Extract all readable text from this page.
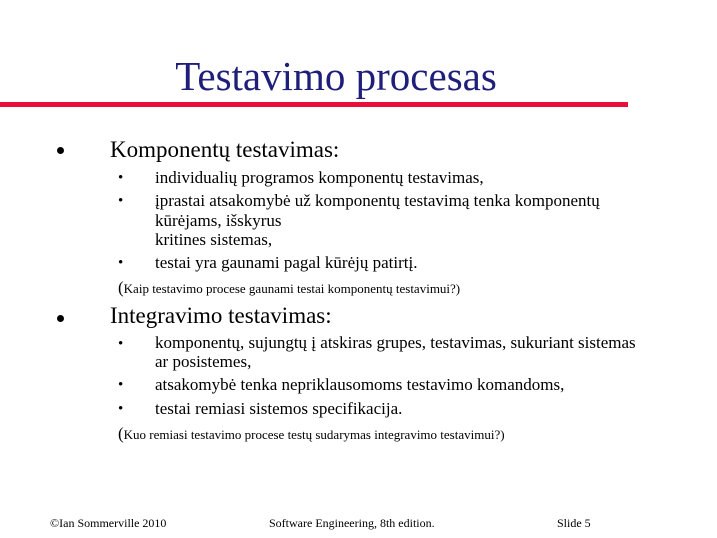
Testavimo procesas
Komponentų testavimas:
• individualių programos komponentų testavimas,
• įprastai atsakomybė už komponentų testavimą tenka komponentų
kūrėjams, išskyrus
kritines sistemas,
• testai yra gaunami pagal kūrėjų patirtį.
(Kaip testavimo procese gaunami testai komponentų testavimui?)
Integravimo testavimas:
• komponentų, sujungtų į atskiras grupes, testavimas, sukuriant sistemas
ar posistemes,
• atsakomybė tenka nepriklausomoms testavimo komandoms,
• testai remiasi sistemos specifikacija.
(Kuo remiasi testavimo procese testų sudarymas integravimo testavimui?)
©Ian Sommerville 2010	Software Engineering, 8th edition.	Slide 5
